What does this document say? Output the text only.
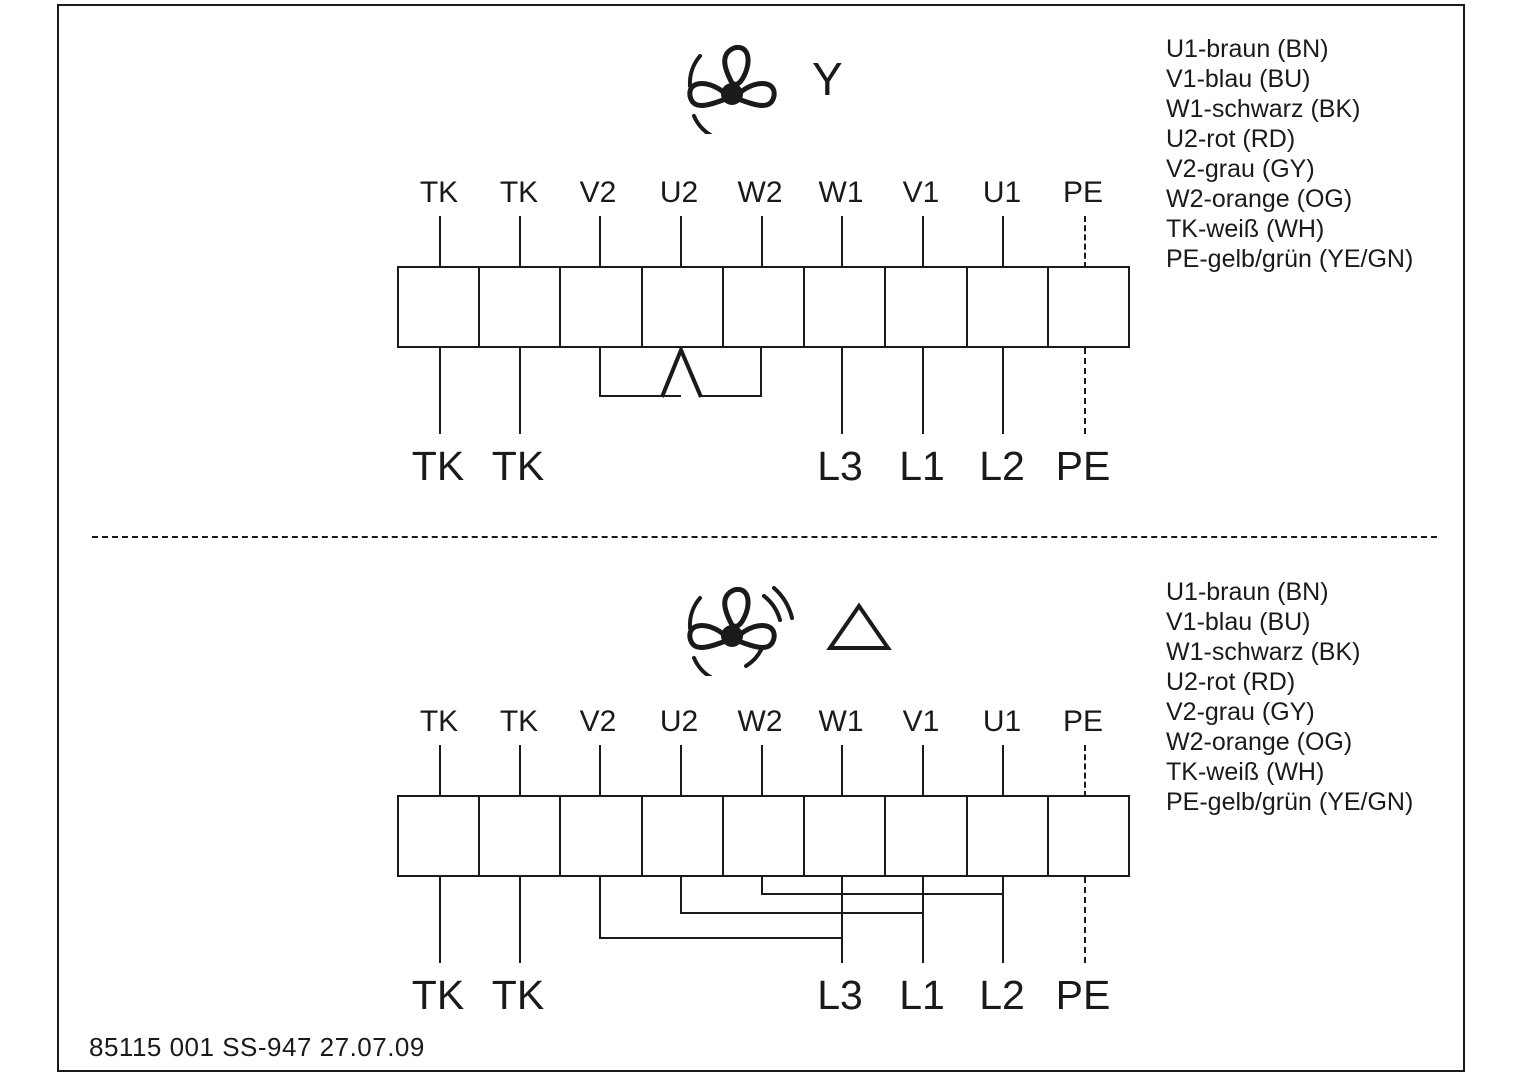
Y
U1-braun (BN)
V1-blau (BU)
W1-schwarz (BK)
U2-rot (RD)
V2-grau (GY)
W2-orange (OG)
TK-weiß (WH)
PE-gelb/grün (YE/GN)
TK	TK	V2	U2	W2	W1	V1	U1	PE
TK TK	L3 L1 L2 PE
U1-braun (BN)
V1-blau (BU)
W1-schwarz (BK)
U2-rot (RD)
V2-grau (GY)
W2-orange (OG)
TK-weiß (WH)
PE-gelb/grün (YE/GN)
TK	TK	V2	U2	W2	W1	V1	U1	PE
TK TK	L3 L1 L2 PE
85115 001 SS-947 27.07.09
